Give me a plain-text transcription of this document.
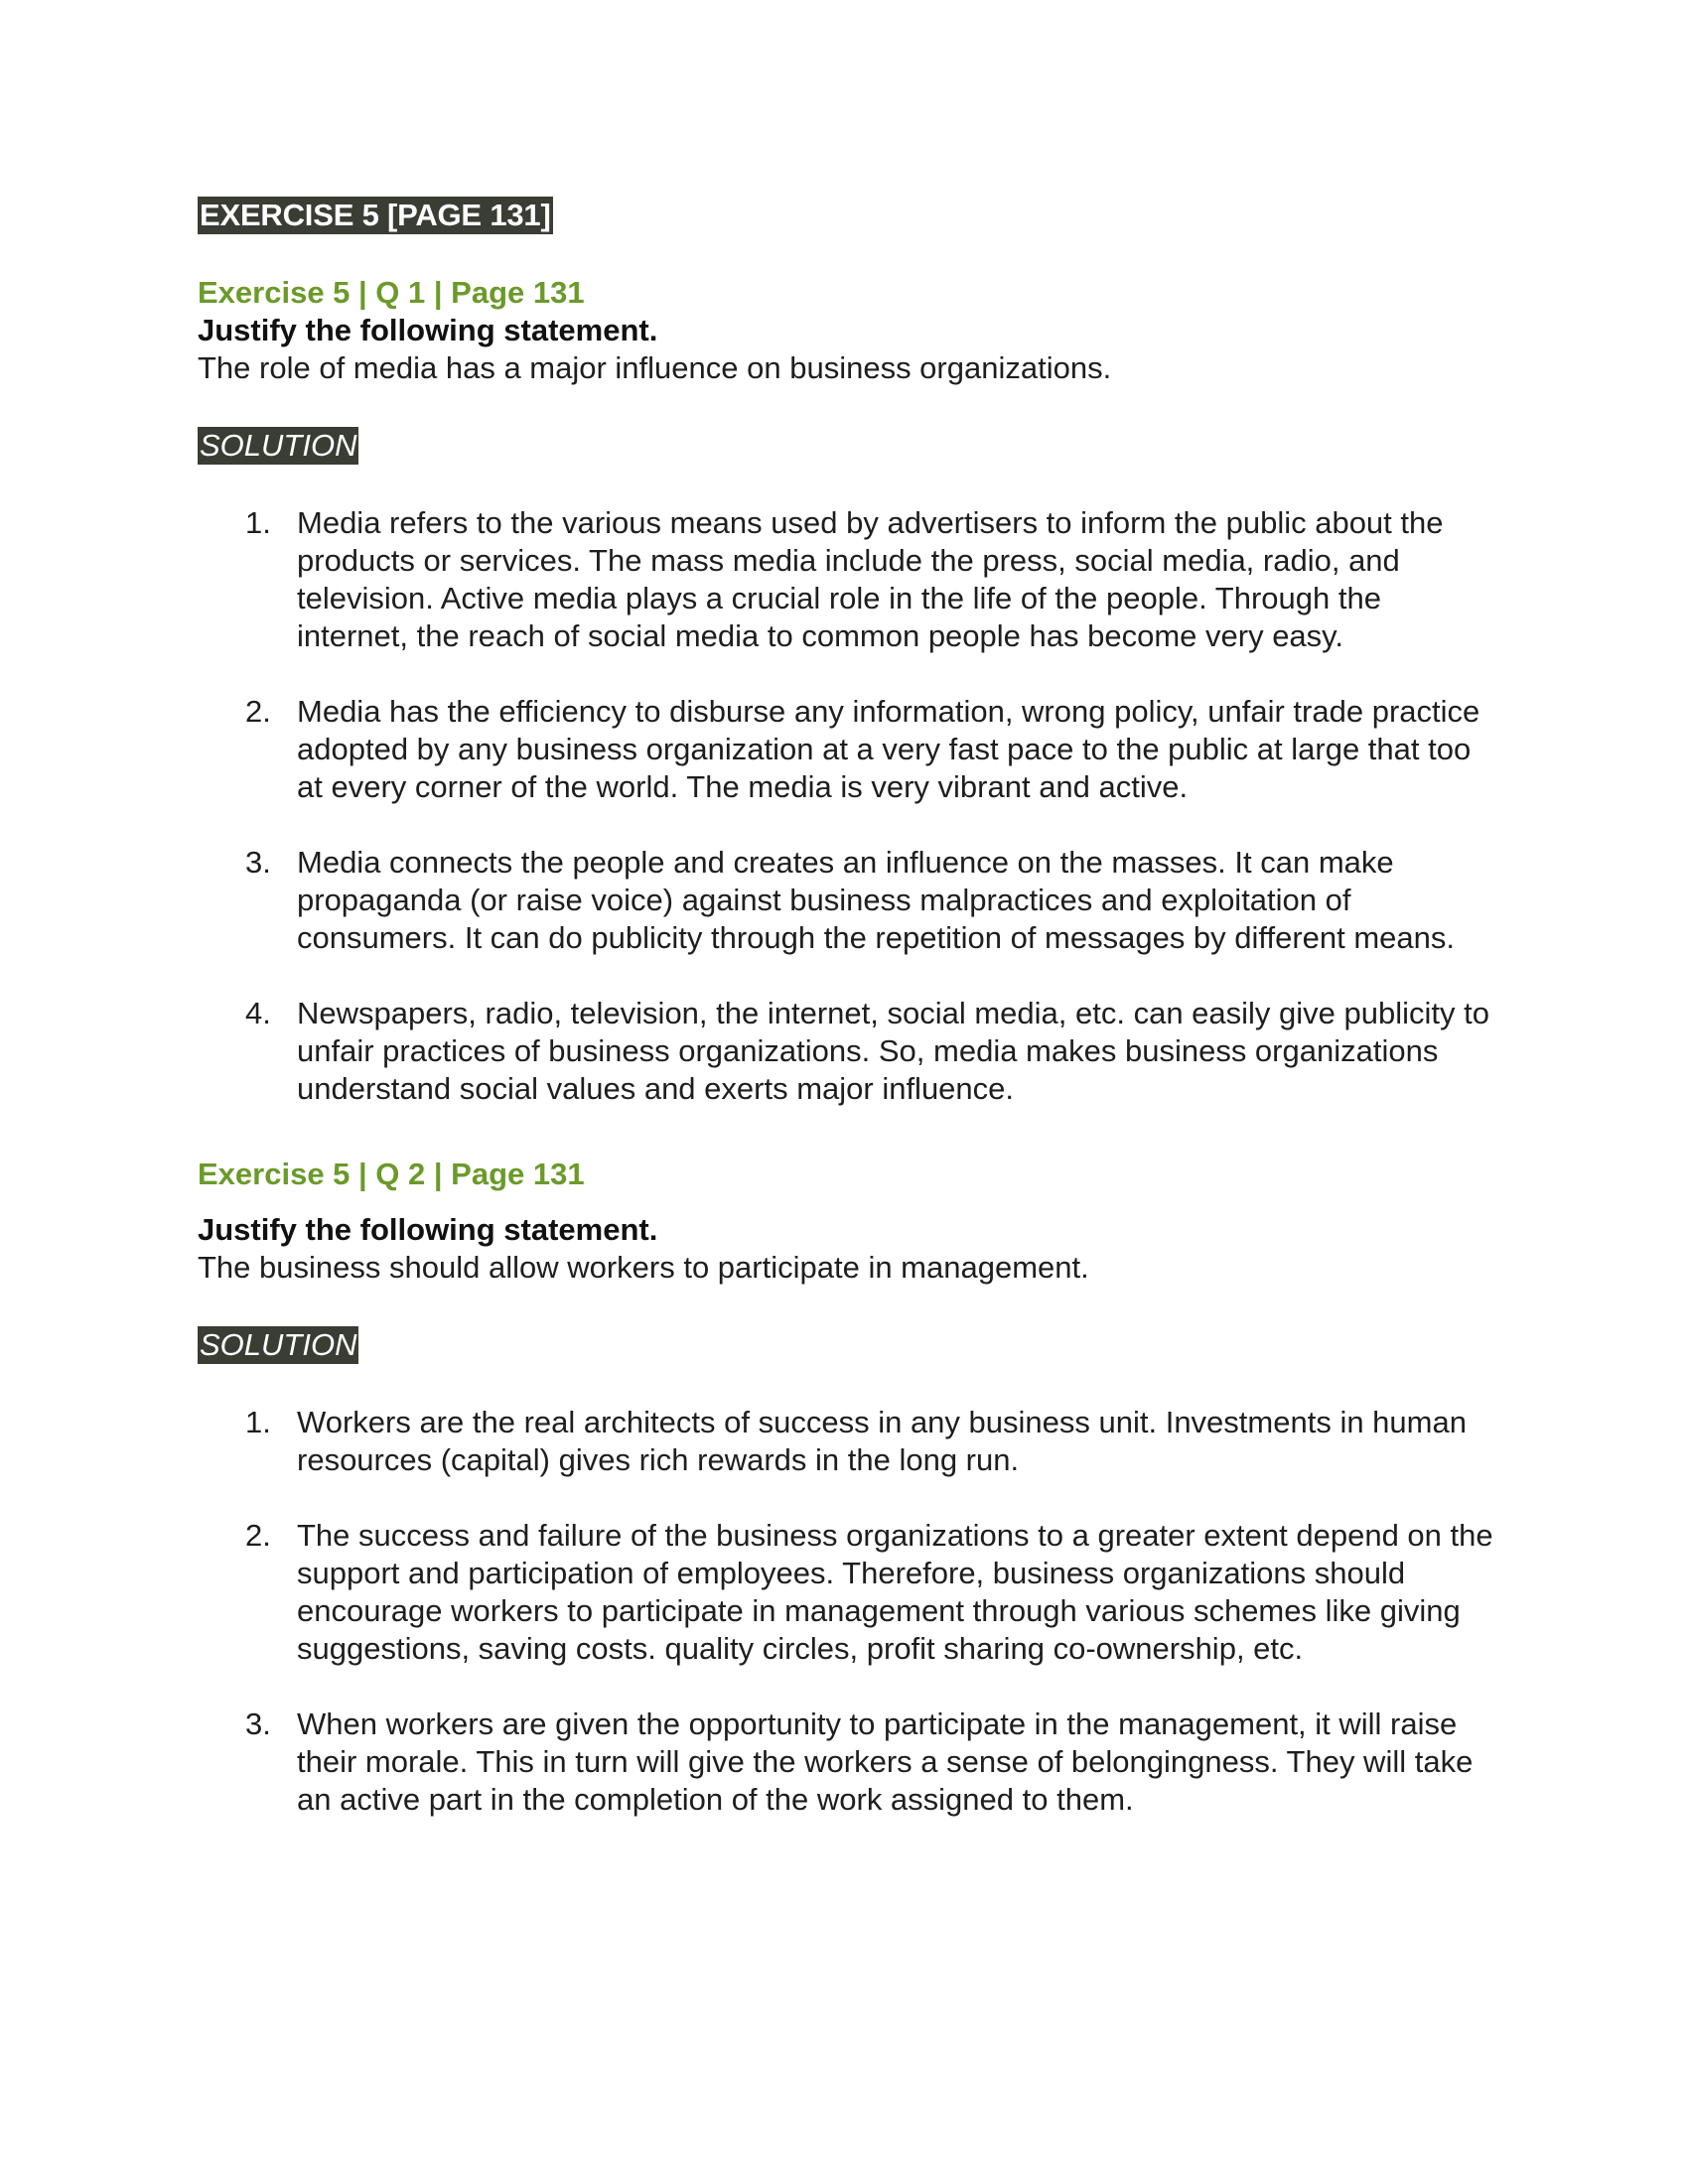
EXERCISE 5 [PAGE 131]
Exercise 5 | Q 1 | Page 131
Justify the following statement.
The role of media has a major influence on business organizations.
SOLUTION
1. Media refers to the various means used by advertisers to inform the public about the products or services. The mass media include the press, social media, radio, and television. Active media plays a crucial role in the life of the people. Through the internet, the reach of social media to common people has become very easy.
2. Media has the efficiency to disburse any information, wrong policy, unfair trade practice adopted by any business organization at a very fast pace to the public at large that too at every corner of the world. The media is very vibrant and active.
3. Media connects the people and creates an influence on the masses. It can make propaganda (or raise voice) against business malpractices and exploitation of consumers. It can do publicity through the repetition of messages by different means.
4. Newspapers, radio, television, the internet, social media, etc. can easily give publicity to unfair practices of business organizations. So, media makes business organizations understand social values and exerts major influence.
Exercise 5 | Q 2 | Page 131
Justify the following statement.
The business should allow workers to participate in management.
SOLUTION
1. Workers are the real architects of success in any business unit. Investments in human resources (capital) gives rich rewards in the long run.
2. The success and failure of the business organizations to a greater extent depend on the support and participation of employees. Therefore, business organizations should encourage workers to participate in management through various schemes like giving suggestions, saving costs. quality circles, profit sharing co-ownership, etc.
3. When workers are given the opportunity to participate in the management, it will raise their morale. This in turn will give the workers a sense of belongingness. They will take an active part in the completion of the work assigned to them.
